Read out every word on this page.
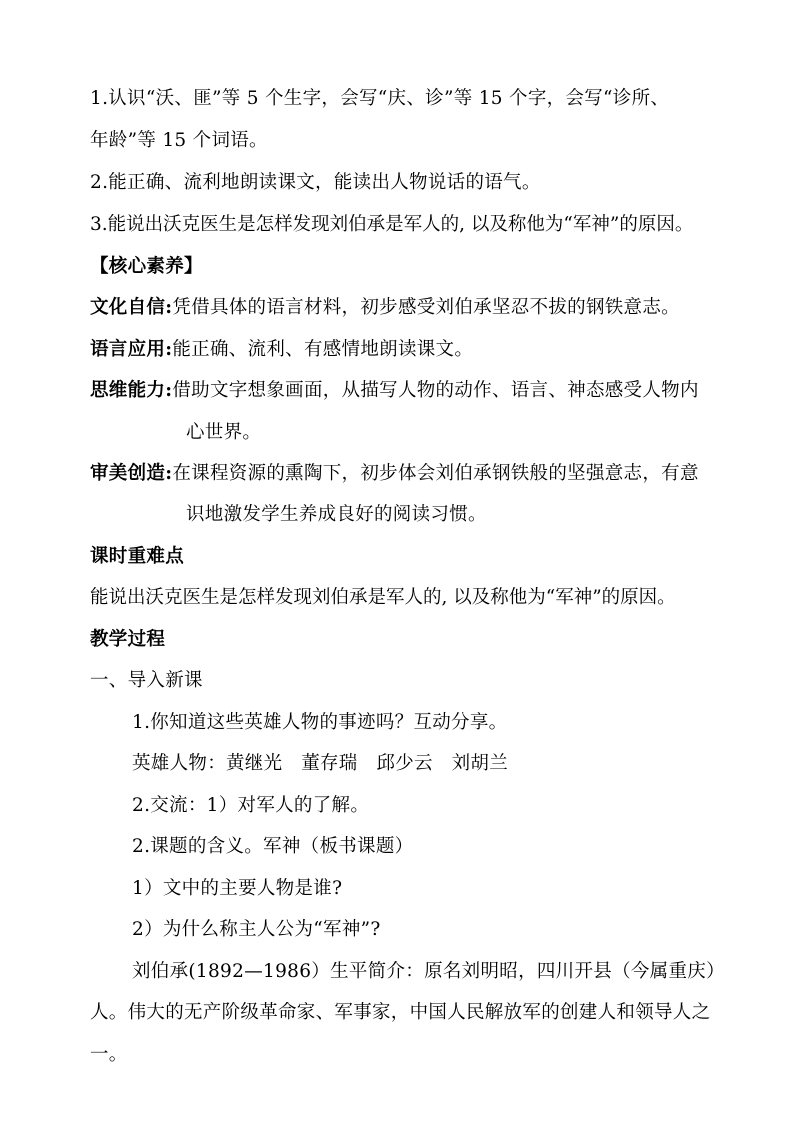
1.认识“沃、匪”等 5 个生字，会写“庆、诊”等 15 个字，会写“诊所、
年龄”等 15 个词语。
2.能正确、流利地朗读课文，能读出人物说话的语气。
3.能说出沃克医生是怎样发现刘伯承是军人的, 以及称他为“军神”的原因。
【核心素养】
文化自信:凭借具体的语言材料，初步感受刘伯承坚忍不拔的钢铁意志。
语言应用:能正确、流利、有感情地朗读课文。
思维能力:借助文字想象画面，从描写人物的动作、语言、神态感受人物内
心世界。
审美创造:在课程资源的熏陶下，初步体会刘伯承钢铁般的坚强意志，有意
识地激发学生养成良好的阅读习惯。
课时重难点
能说出沃克医生是怎样发现刘伯承是军人的, 以及称他为“军神”的原因。
教学过程
一、导入新课
1.你知道这些英雄人物的事迹吗？互动分享。
英雄人物：黄继光　董存瑞　邱少云　刘胡兰
2.交流：1）对军人的了解。
2.课题的含义。军神（板书课题）
1）文中的主要人物是谁?
2）为什么称主人公为“军神”?
刘伯承(1892—1986）生平简介：原名刘明昭，四川开县（今属重庆）
人。伟大的无产阶级革命家、军事家，中国人民解放军的创建人和领导人之
一。
